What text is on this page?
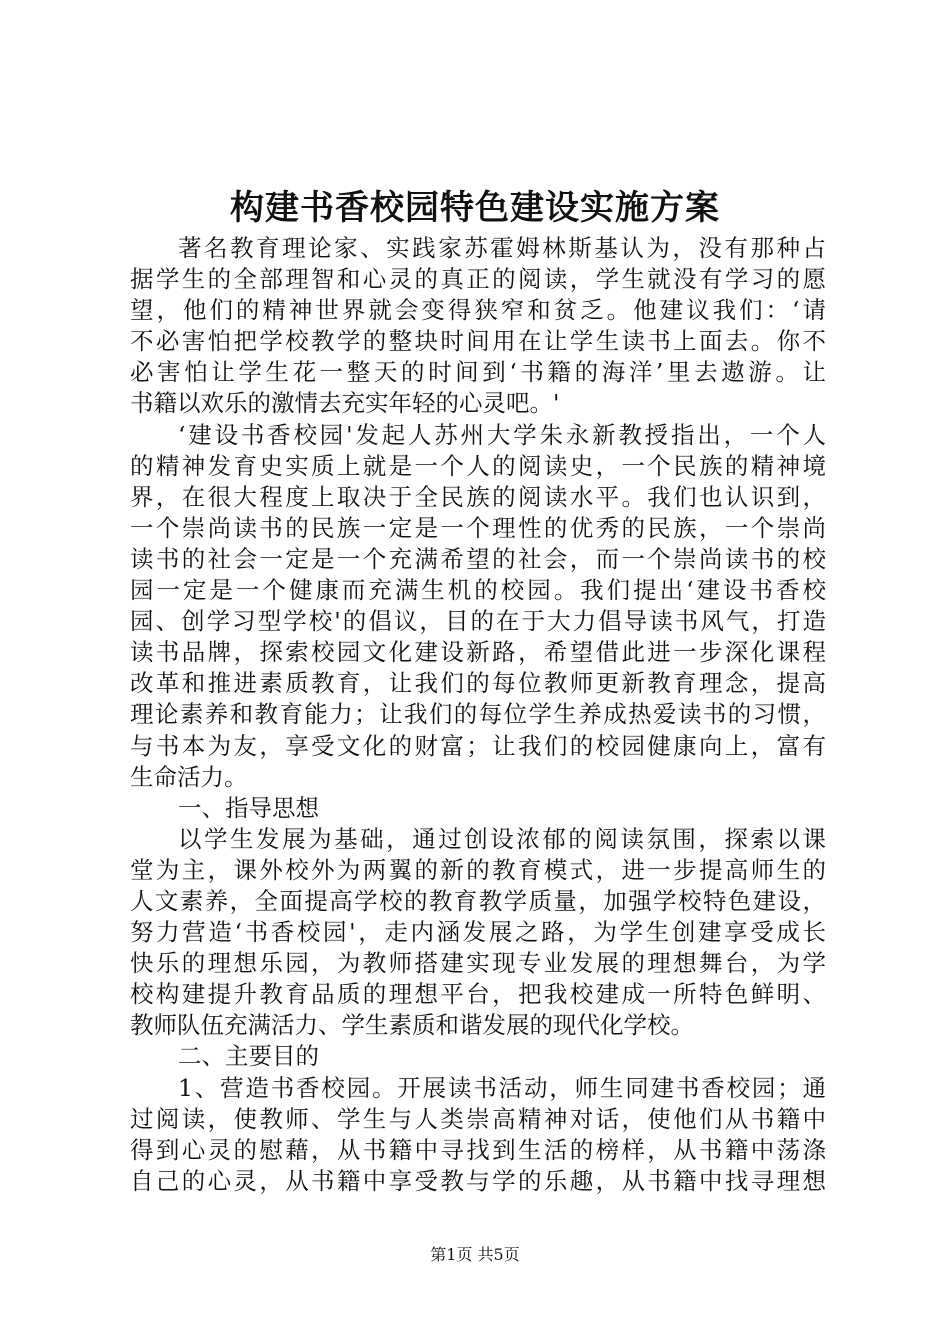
构建书香校园特色建设实施方案
著名教育理论家、实践家苏霍姆林斯基认为，没有那种占
据学生的全部理智和心灵的真正的阅读，学生就没有学习的愿
望，他们的精神世界就会变得狭窄和贫乏。他建议我们：‘请
不必害怕把学校教学的整块时间用在让学生读书上面去。你不
必害怕让学生花一整天的时间到‘书籍的海洋’里去遨游。让
书籍以欢乐的激情去充实年轻的心灵吧。'
‘建设书香校园'发起人苏州大学朱永新教授指出，一个人
的精神发育史实质上就是一个人的阅读史，一个民族的精神境
界，在很大程度上取决于全民族的阅读水平。我们也认识到，
一个崇尚读书的民族一定是一个理性的优秀的民族，一个崇尚
读书的社会一定是一个充满希望的社会，而一个崇尚读书的校
园一定是一个健康而充满生机的校园。我们提出‘建设书香校
园、创学习型学校'的倡议，目的在于大力倡导读书风气，打造
读书品牌，探索校园文化建设新路，希望借此进一步深化课程
改革和推进素质教育，让我们的每位教师更新教育理念，提高
理论素养和教育能力；让我们的每位学生养成热爱读书的习惯，
与书本为友，享受文化的财富；让我们的校园健康向上，富有
生命活力。
一、指导思想
以学生发展为基础，通过创设浓郁的阅读氛围，探索以课
堂为主，课外校外为两翼的新的教育模式，进一步提高师生的
人文素养，全面提高学校的教育教学质量，加强学校特色建设，
努力营造‘书香校园'，走内涵发展之路，为学生创建享受成长
快乐的理想乐园，为教师搭建实现专业发展的理想舞台，为学
校构建提升教育品质的理想平台，把我校建成一所特色鲜明、
教师队伍充满活力、学生素质和谐发展的现代化学校。
二、主要目的
1、营造书香校园。开展读书活动，师生同建书香校园；通
过阅读，使教师、学生与人类崇高精神对话，使他们从书籍中
得到心灵的慰藉，从书籍中寻找到生活的榜样，从书籍中荡涤
自己的心灵，从书籍中享受教与学的乐趣，从书籍中找寻理想
第1页 共5页
